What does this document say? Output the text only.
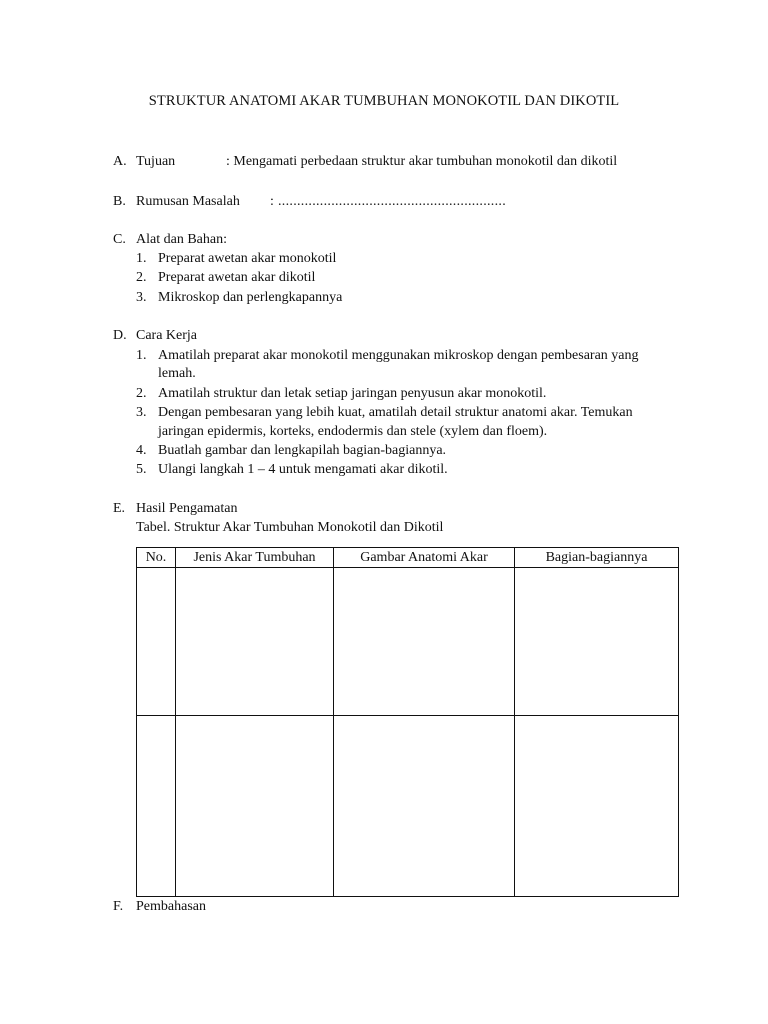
STRUKTUR ANATOMI AKAR TUMBUHAN MONOKOTIL DAN DIKOTIL
A. Tujuan	: Mengamati perbedaan struktur akar tumbuhan monokotil dan dikotil
B. Rumusan Masalah : ............................................................
C. Alat dan Bahan:
1. Preparat awetan akar monokotil
2. Preparat awetan akar dikotil
3. Mikroskop dan perlengkapannya
D. Cara Kerja
1. Amatilah preparat akar monokotil menggunakan mikroskop dengan pembesaran yang
lemah.
2. Amatilah struktur dan letak setiap jaringan penyusun akar monokotil.
3. Dengan pembesaran yang lebih kuat, amatilah detail struktur anatomi akar. Temukan
jaringan epidermis, korteks, endodermis dan stele (xylem dan floem).
4. Buatlah gambar dan lengkapilah bagian-bagiannya.
5. Ulangi langkah 1 – 4 untuk mengamati akar dikotil.
E. Hasil Pengamatan
Tabel. Struktur Akar Tumbuhan Monokotil dan Dikotil
No.	Jenis Akar Tumbuhan	Gambar Anatomi Akar	Bagian-bagiannya

F. Pembahasan
